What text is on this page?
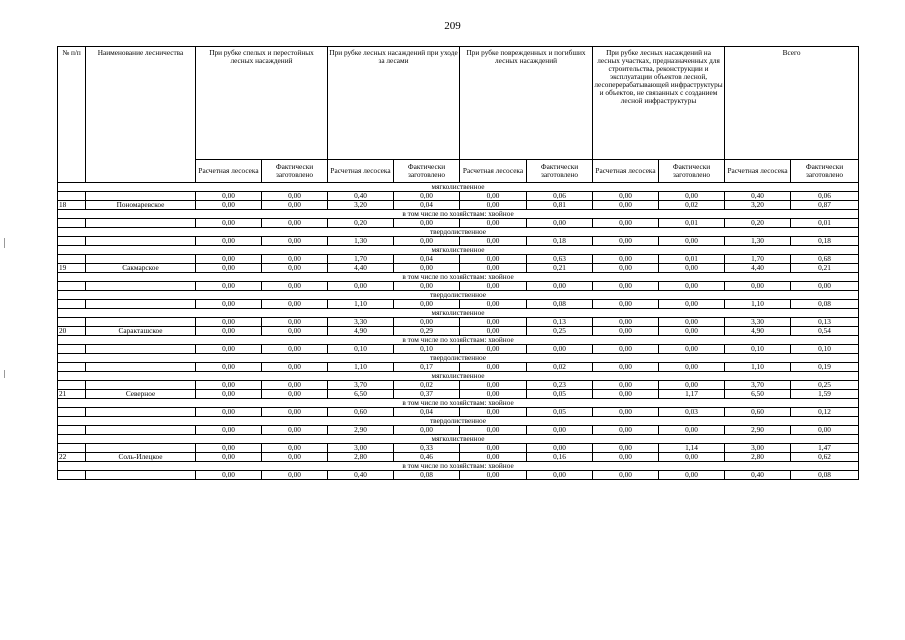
209
№ п/п	Наименование лесничества	При рубке спелых и перестойных лесных насаждений		При рубке лесных насаждений при уходе за лесами		При рубке поврежденных и погибших лесных насаждений		При рубке лесных насаждений на лесных участках, предназначенных для строительства, реконструкции и эксплуатации объектов лесной, лесоперерабатывающей инфраструктуры и объектов, не связанных с созданием лесной инфраструктуры		Всего	
		Расчетная лесосека	Фактически заготовлено	Расчетная лесосека	Фактически заготовлено	Расчетная лесосека	Фактически заготовлено	Расчетная лесосека	Фактически заготовлено	Расчетная лесосека	Фактически заготовлено
мягколиственное											
		0,00	0,00	0,40	0,00	0,00	0,06	0,00	0,00	0,40	0,06
18	Пономаревское	0,00	0,00	3,20	0,04	0,00	0,81	0,00	0,02	3,20	0,87
в том числе по хозяйствам: хвойное											
		0,00	0,00	0,20	0,00	0,00	0,00	0,00	0,01	0,20	0,01
твердолиственное											
		0,00	0,00	1,30	0,00	0,00	0,18	0,00	0,00	1,30	0,18
мягколиственное											
		0,00	0,00	1,70	0,04	0,00	0,63	0,00	0,01	1,70	0,68
19	Сакмарское	0,00	0,00	4,40	0,00	0,00	0,21	0,00	0,00	4,40	0,21
в том числе по хозяйствам: хвойное											
		0,00	0,00	0,00	0,00	0,00	0,00	0,00	0,00	0,00	0,00
твердолиственное											
		0,00	0,00	1,10	0,00	0,00	0,08	0,00	0,00	1,10	0,08
мягколиственное											
		0,00	0,00	3,30	0,00	0,00	0,13	0,00	0,00	3,30	0,13
20	Саракташское	0,00	0,00	4,90	0,29	0,00	0,25	0,00	0,00	4,90	0,54
в том числе по хозяйствам: хвойное											
		0,00	0,00	0,10	0,10	0,00	0,00	0,00	0,00	0,10	0,10
твердолиственное											
		0,00	0,00	1,10	0,17	0,00	0,02	0,00	0,00	1,10	0,19
мягколиственное											
		0,00	0,00	3,70	0,02	0,00	0,23	0,00	0,00	3,70	0,25
21	Северное	0,00	0,00	6,50	0,37	0,00	0,05	0,00	1,17	6,50	1,59
в том числе по хозяйствам: хвойное											
		0,00	0,00	0,60	0,04	0,00	0,05	0,00	0,03	0,60	0,12
твердолиственное											
		0,00	0,00	2,90	0,00	0,00	0,00	0,00	0,00	2,90	0,00
мягколиственное											
		0,00	0,00	3,00	0,33	0,00	0,00	0,00	1,14	3,00	1,47
22	Соль-Илецкое	0,00	0,00	2,80	0,46	0,00	0,16	0,00	0,00	2,80	0,62
в том числе по хозяйствам: хвойное											
		0,00	0,00	0,40	0,08	0,00	0,00	0,00	0,00	0,40	0,08
